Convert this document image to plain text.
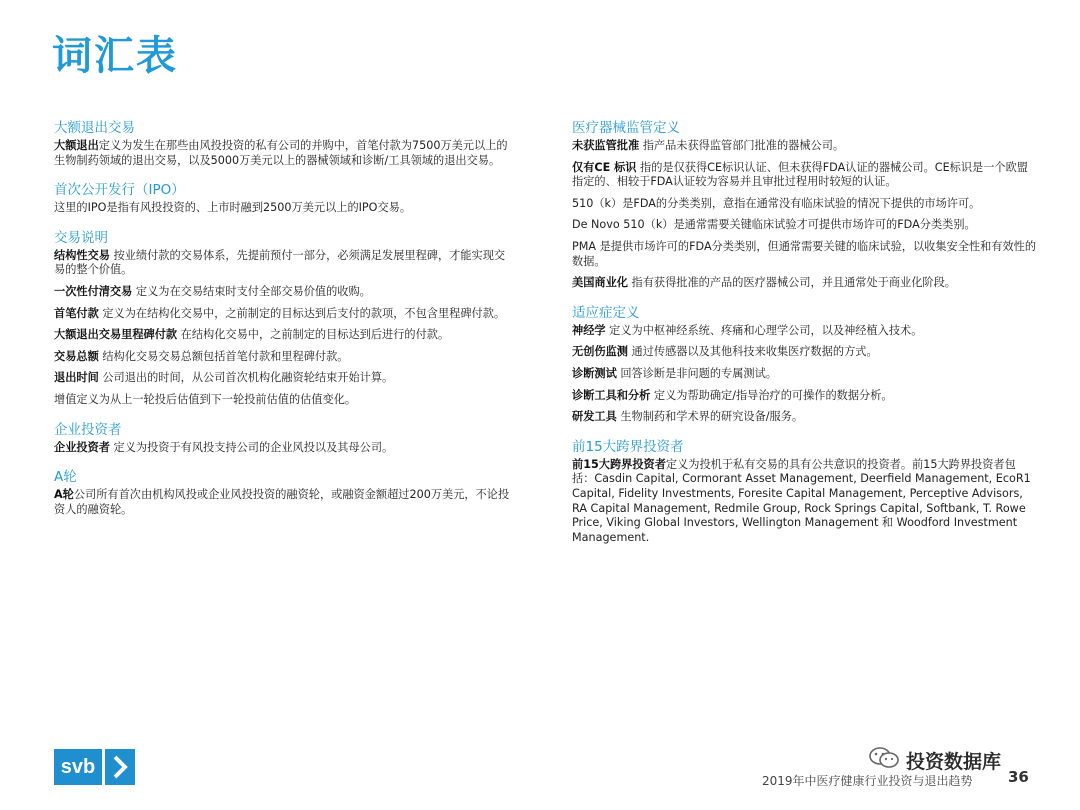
词汇表
大额退出交易

大额退出定义为发生在那些由风投投资的私有公司的并购中，首笔付款为7500万美元以上的生物制药领域的退出交易，以及5000万美元以上的器械领域和诊断/工具领域的退出交易。

首次公开发行（IPO）

这里的IPO是指有风投投资的、上市时融到2500万美元以上的IPO交易。

交易说明

结构性交易 按业绩付款的交易体系，先提前预付一部分，必须满足发展里程碑，才能实现交易的整个价值。

一次性付清交易 定义为在交易结束时支付全部交易价值的收购。

首笔付款 定义为在结构化交易中，之前制定的目标达到后支付的款项，不包含里程碑付款。

大额退出交易里程碑付款 在结构化交易中，之前制定的目标达到后进行的付款。

交易总额 结构化交易交易总额包括首笔付款和里程碑付款。

退出时间 公司退出的时间，从公司首次机构化融资轮结束开始计算。

增值定义为从上一轮投后估值到下一轮投前估值的估值变化。

企业投资者

企业投资者 定义为投资于有风投支持公司的企业风投以及其母公司。

A轮

A轮公司所有首次由机构风投或企业风投投资的融资轮，或融资金额超过200万美元，不论投资人的融资轮。

医疗器械监管定义

未获监管批准 指产品未获得监管部门批准的器械公司。

仅有CE 标识 指的是仅获得CE标识认证、但未获得FDA认证的器械公司。CE标识是一个欧盟指定的、相较于FDA认证较为容易并且审批过程用时较短的认证。

510（k）是FDA的分类类别，意指在通常没有临床试验的情况下提供的市场许可。

De Novo 510（k）是通常需要关键临床试验才可提供市场许可的FDA分类类别。

PMA 是提供市场许可的FDA分类类别，但通常需要关键的临床试验，以收集安全性和有效性的数据。

美国商业化 指有获得批准的产品的医疗器械公司，并且通常处于商业化阶段。

适应症定义

神经学 定义为中枢神经系统、疼痛和心理学公司，以及神经植入技术。

无创伤监测 通过传感器以及其他科技来收集医疗数据的方式。

诊断测试 回答诊断是非问题的专属测试。

诊断工具和分析 定义为帮助确定/指导治疗的可操作的数据分析。

研发工具 生物制药和学术界的研究设备/服务。

前15大跨界投资者

前15大跨界投资者定义为投机于私有交易的具有公共意识的投资者。前15大跨界投资者包括：Casdin Capital, Cormorant Asset Management, Deerfield Management, EcoR1 Capital, Fidelity Investments, Foresite Capital Management, Perceptive Advisors, RA Capital Management, Redmile Group, Rock Springs Capital, Softbank, T. Rowe Price, Viking Global Investors, Wellington Management 和 Woodford Investment Management.

svb	投资数据库
2019年中医疗健康行业投资与退出趋势 36
